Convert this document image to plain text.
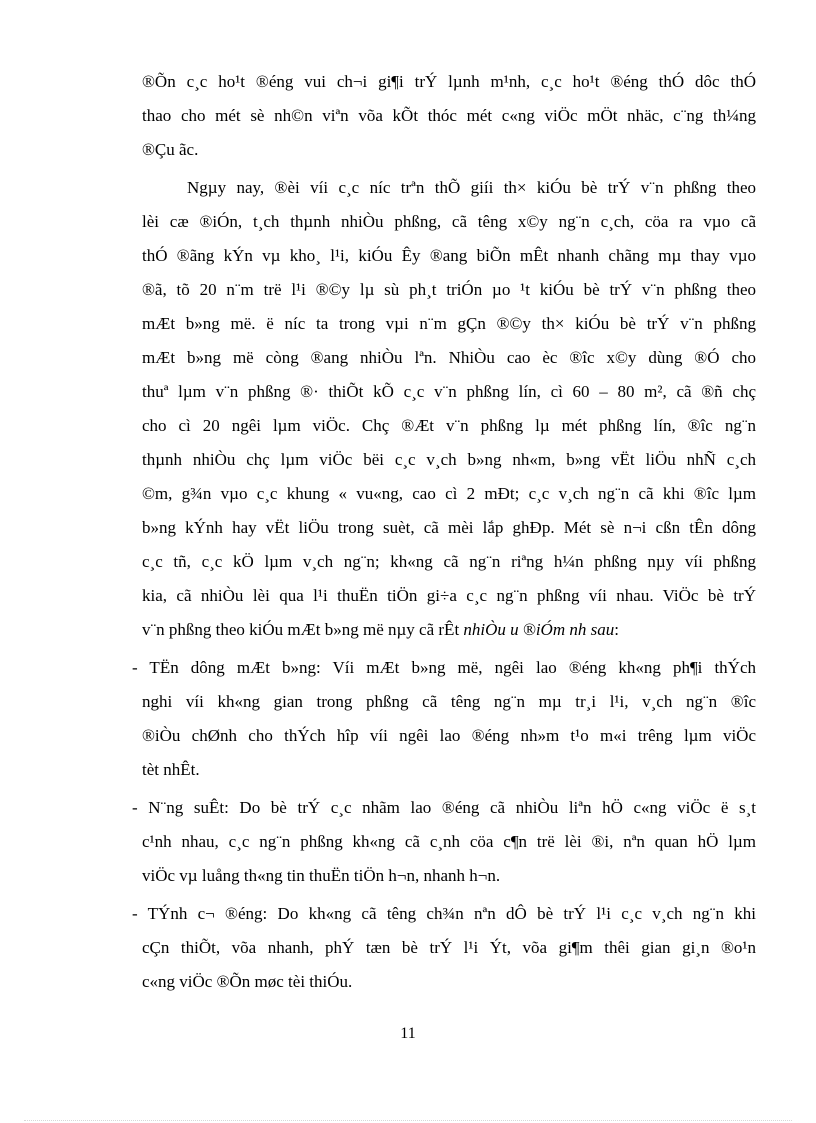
®Õn c¸c ho¹t ®éng vui ch¬i gi¶i trÝ lµnh m¹nh, c¸c ho¹t ®éng thÓ dôc thÓ
thao cho mét sè nh©n viªn võa kÕt thóc mét c«ng viÖc mÖt nhäc, c¨ng th¼ng
®Çu ãc.
Ngµy nay, ®èi víi c¸c níc trªn thÕ giíi th× kiÓu bè trÝ v¨n phßng theo
lèi cæ ®iÓn, t¸ch thµnh nhiÒu phßng, cã têng x©y ng¨n c¸ch, cöa ra vµo cã
thÓ ®ãng kÝn vµ kho¸ l¹i, kiÓu Êy ®ang biÕn mÊt nhanh chãng mµ thay vµo
®ã, tõ 20 n¨m trë l¹i ®©y lµ sù ph¸t triÓn µo ¹t kiÓu bè trÝ v¨n phßng theo
mÆt b»ng më. ë níc ta trong vµi n¨m gÇn ®©y th× kiÓu bè trÝ v¨n phßng
mÆt b»ng më còng ®ang nhiÒu lªn. NhiÒu cao èc ®îc x©y dùng ®Ó cho
thuª lµm v¨n phßng ®· thiÕt kÕ c¸c v¨n phßng lín, cì 60 – 80 m², cã ®ñ chç
cho cì 20 ngêi lµm viÖc. Chç ®Æt v¨n phßng lµ mét phßng lín, ®îc ng¨n
thµnh nhiÒu chç lµm viÖc bëi c¸c v¸ch b»ng nh«m, b»ng vËt liÖu nhÑ c¸ch
©m, g¾n vµo c¸c khung « vu«ng, cao cì 2 mÐt; c¸c v¸ch ng¨n cã khi ®îc lµm
b»ng kÝnh hay vËt liÖu trong suèt, cã mèi lắp ghÐp. Mét sè n¬i cßn tÊn dông
c¸c tñ, c¸c kÖ lµm v¸ch ng¨n; kh«ng cã ng¨n riªng h¼n phßng nµy víi phßng
kia, cã nhiÒu lèi qua l¹i thuËn tiÖn gi÷a c¸c ng¨n phßng víi nhau. ViÖc bè trÝ
v¨n phßng theo kiÓu mÆt b»ng më nµy cã rÊt nhiÒu u ®iÓm nh sau:
- TËn dông mÆt b»ng: Víi mÆt b»ng më, ngêi lao ®éng kh«ng ph¶i thÝch
nghi víi kh«ng gian trong phßng cã têng ng¨n mµ tr¸i l¹i, v¸ch ng¨n ®îc
®iÒu chØnh cho thÝch hîp víi ngêi lao ®éng nh»m t¹o m«i trêng lµm viÖc
tèt nhÊt.
- N¨ng suÊt: Do bè trÝ c¸c nhãm lao ®éng cã nhiÒu liªn hÖ c«ng viÖc ë s¸t
c¹nh nhau, c¸c ng¨n phßng kh«ng cã c¸nh cöa c¶n trë lèi ®i, nªn quan hÖ lµm
viÖc vµ luång th«ng tin thuËn tiÖn h¬n, nhanh h¬n.
- TÝnh c¬ ®éng: Do kh«ng cã têng ch¾n nªn dÔ bè trÝ l¹i c¸c v¸ch ng¨n khi
cÇn thiÕt, võa nhanh, phÝ tæn bè trÝ l¹i Ýt, võa gi¶m thêi gian gi¸n ®o¹n
c«ng viÖc ®Õn møc tèi thiÓu.
11
